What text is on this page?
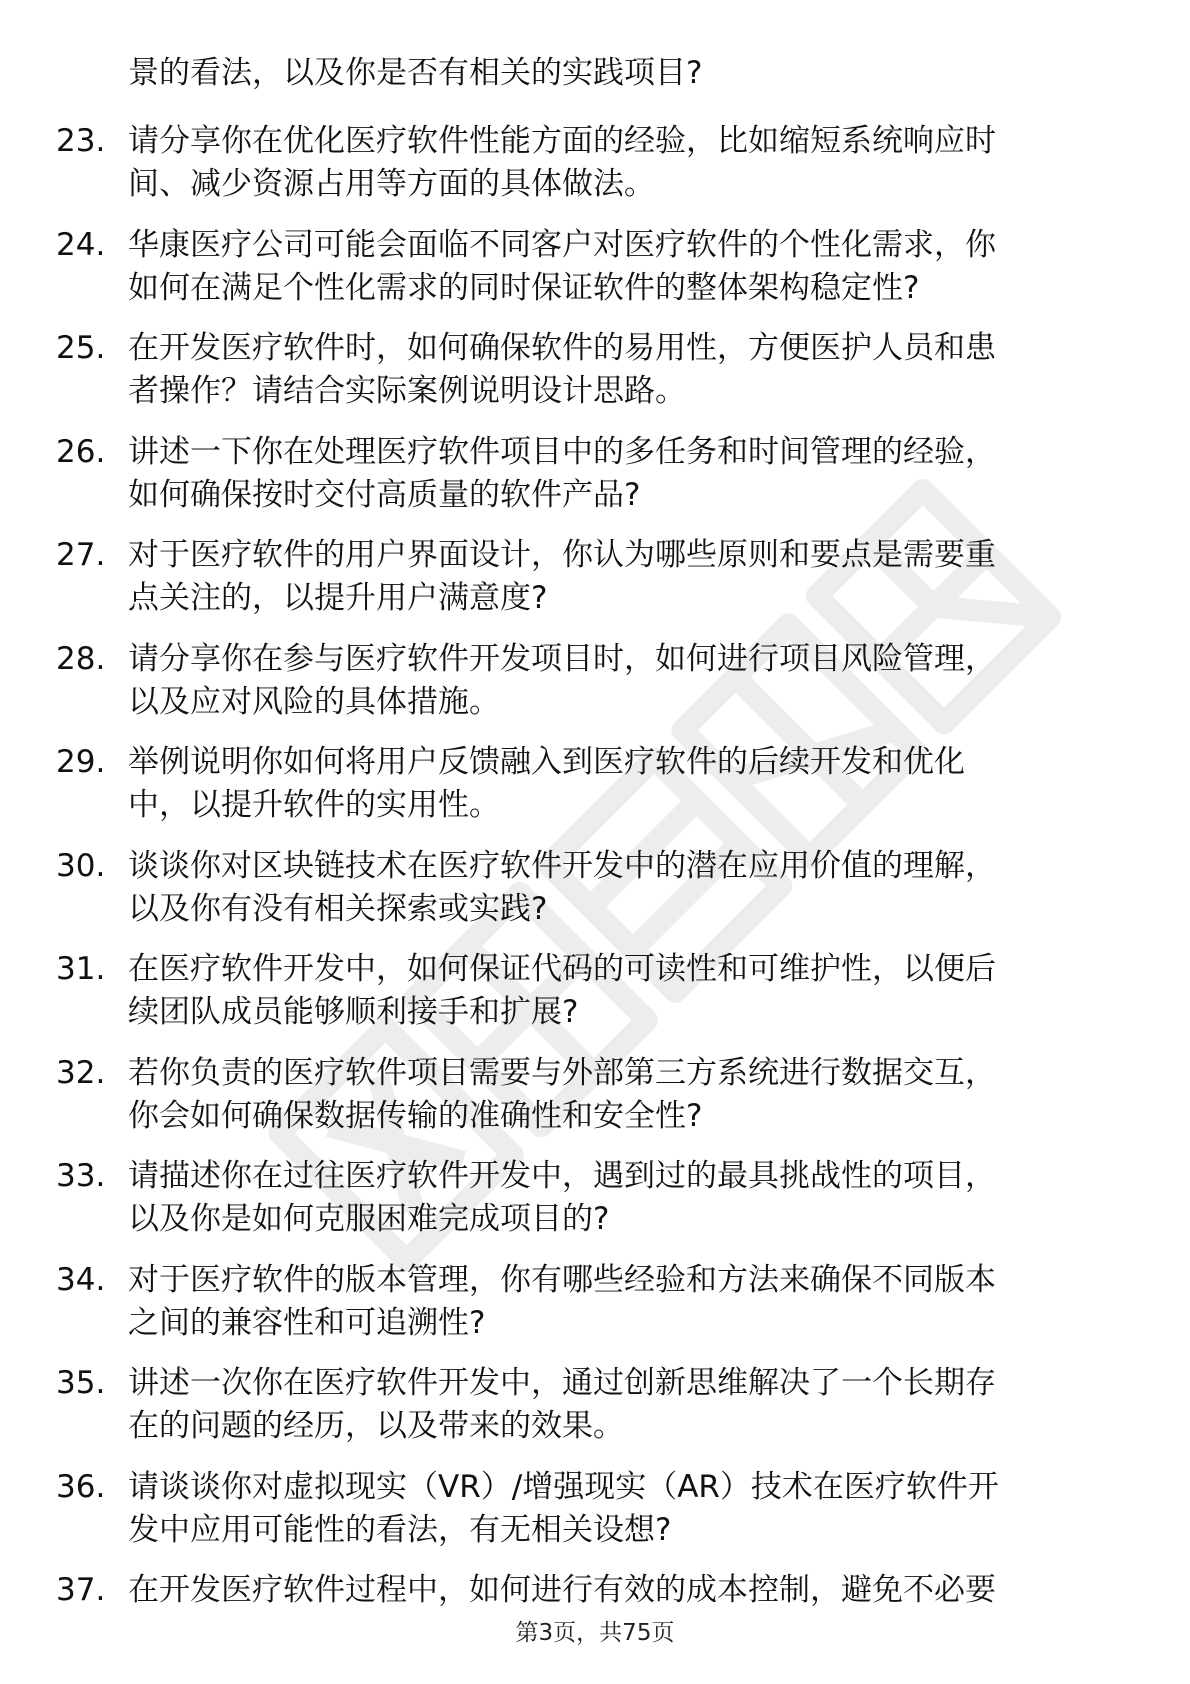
景的看法，以及你是否有相关的实践项目?
23. 请分享你在优化医疗软件性能方面的经验，比如缩短系统响应时
间、减少资源占用等方面的具体做法。
24. 华康医疗公司可能会面临不同客户对医疗软件的个性化需求，你
如何在满足个性化需求的同时保证软件的整体架构稳定性?
25. 在开发医疗软件时，如何确保软件的易用性，方便医护人员和患
者操作？请结合实际案例说明设计思路。
26. 讲述一下你在处理医疗软件项目中的多任务和时间管理的经验，
如何确保按时交付高质量的软件产品?
27. 对于医疗软件的用户界面设计，你认为哪些原则和要点是需要重
点关注的，以提升用户满意度?
28. 请分享你在参与医疗软件开发项目时，如何进行项目风险管理，
以及应对风险的具体措施。
29. 举例说明你如何将用户反馈融入到医疗软件的后续开发和优化
中，以提升软件的实用性。
30. 谈谈你对区块链技术在医疗软件开发中的潜在应用价值的理解，
以及你有没有相关探索或实践?
31. 在医疗软件开发中，如何保证代码的可读性和可维护性，以便后
续团队成员能够顺利接手和扩展?
32. 若你负责的医疗软件项目需要与外部第三方系统进行数据交互，
你会如何确保数据传输的准确性和安全性?
33. 请描述你在过往医疗软件开发中，遇到过的最具挑战性的项目，
以及你是如何克服困难完成项目的?
34. 对于医疗软件的版本管理，你有哪些经验和方法来确保不同版本
之间的兼容性和可追溯性?
35. 讲述一次你在医疗软件开发中，通过创新思维解决了一个长期存
在的问题的经历，以及带来的效果。
36. 请谈谈你对虚拟现实（VR）/增强现实（AR）技术在医疗软件开
发中应用可能性的看法，有无相关设想?
37. 在开发医疗软件过程中，如何进行有效的成本控制，避免不必要
第3页，共75页
